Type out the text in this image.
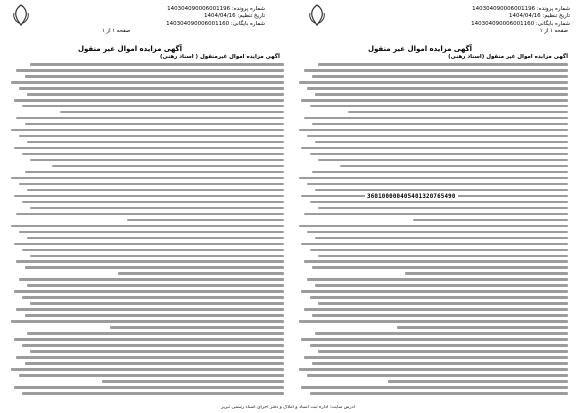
شماره پرونده: 140304090006001196
تاریخ تنظیم: 1404/04/16
شماره بایگانی: 140304090006001160
شماره پرونده: 140304090006001196
تاریخ تنظیم: 1404/04/16
شماره بایگانی: 140304090006001160
صفحه ۱ از ۱
صفحه ۱ از ۱
آگهی مزایده اموال غیر منقول
آگهی مزایده اموال غیر منقول
آگهی مزایده اموال غیر منقول (اسناد رهنی)
آگهی مزایده اموال غیرمنقول ( اسناد رهنی)
360100000405401320765490
آدرس سایت: اداره ثبت اسناد و املاک و دفتر اجرای اسناد رسمی تبریز
